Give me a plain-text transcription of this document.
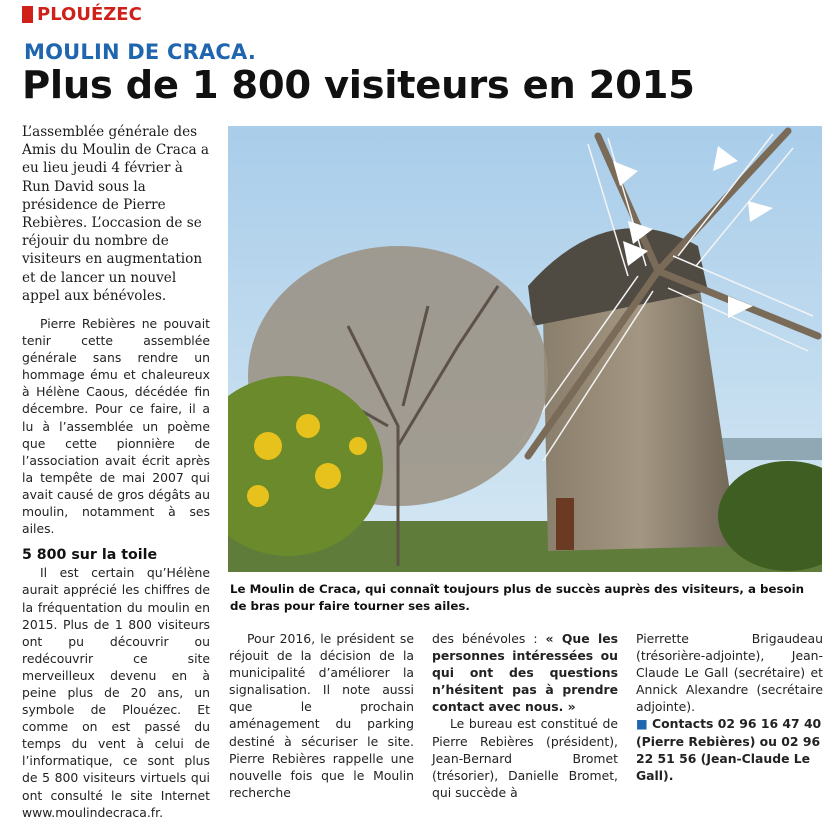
PLOUÉZEC
MOULIN DE CRACA.
Plus de 1 800 visiteurs en 2015
L’assemblée générale des Amis du Moulin de Craca a eu lieu jeudi 4 février à Run David sous la présidence de Pierre Rebières. L’occasion de se réjouir du nombre de visiteurs en augmentation et de lancer un nouvel appel aux bénévoles.

Pierre Rebières ne pouvait tenir cette assemblée générale sans rendre un hommage ému et chaleureux à Hélène Caous, décédée fin décembre. Pour ce faire, il a lu à l’assemblée un poème que cette pionnière de l’association avait écrit après la tempête de mai 2007 qui avait causé de gros dégâts au moulin, notamment à ses ailes.

5 800 sur la toile

Il est certain qu’Hélène aurait apprécié les chiffres de la fréquentation du moulin en 2015. Plus de 1 800 visiteurs ont pu découvrir ou redécouvrir ce site merveilleux devenu en à peine plus de 20 ans, un symbole de Plouézec. Et comme on est passé du temps du vent à celui de l’informatique, ce sont plus de 5 800 visiteurs virtuels qui ont consulté le site Internet www.moulindecraca.fr.

Pour 2016, le président se réjouit de la décision de la municipalité d’améliorer la signalisation. Il note aussi que le prochain aménagement du parking destiné à sécuriser le site. Pierre Rebières rappelle une nouvelle fois que le Moulin recherche

des bénévoles : « Que les personnes intéressées ou qui ont des questions n’hésitent pas à prendre contact avec nous. »

Le bureau est constitué de Pierre Rebières (président), Jean-Bernard Bromet (trésorier), Danielle Bromet, qui succède à

Pierrette Brigaudeau (trésorière-adjointe), Jean-Claude Le Gall (secrétaire) et Annick Alexandre (secrétaire adjointe).

■ Contacts 02 96 16 47 40 (Pierre Rebières) ou 02 96 22 51 56 (Jean-Claude Le Gall).

Le Moulin de Craca, qui connaît toujours plus de succès auprès des visiteurs, a besoin de bras pour faire tourner ses ailes.
